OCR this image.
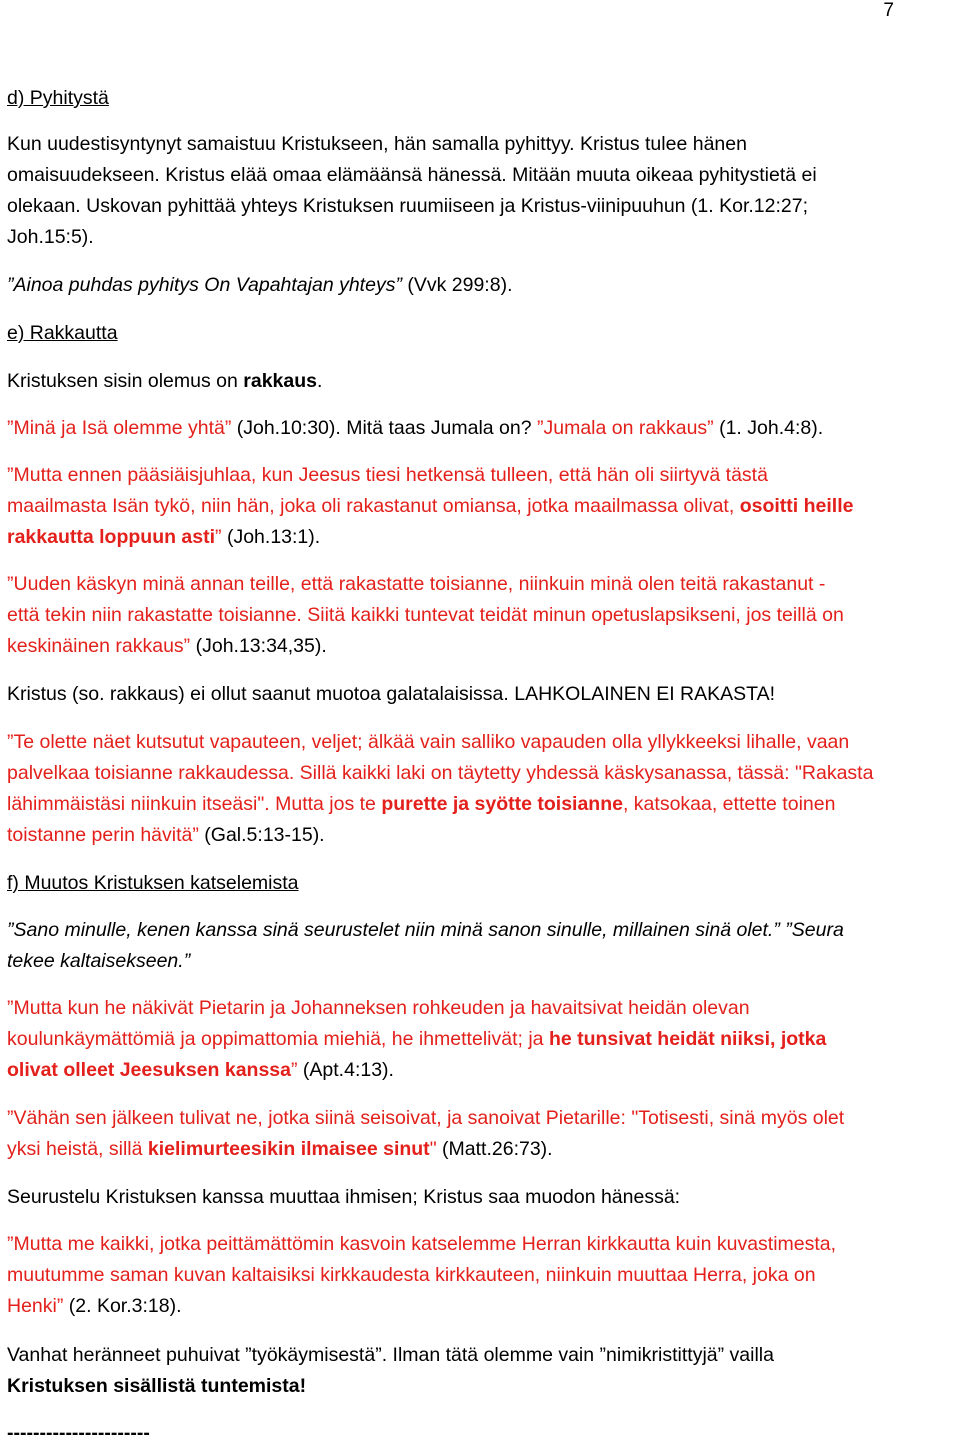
7

d) Pyhitystä

Kun uudestisyntynyt samaistuu Kristukseen, hän samalla pyhittyy. Kristus tulee hänen
omaisuudekseen. Kristus elää omaa elämäänsä hänessä. Mitään muuta oikeaa pyhitystietä ei
olekaan. Uskovan pyhittää yhteys Kristuksen ruumiiseen ja Kristus-viinipuuhun (1. Kor.12:27;
Joh.15:5).

”Ainoa puhdas pyhitys On Vapahtajan yhteys” (Vvk 299:8).

e) Rakkautta

Kristuksen sisin olemus on rakkaus.

”Minä ja Isä olemme yhtä” (Joh.10:30). Mitä taas Jumala on? ”Jumala on rakkaus” (1. Joh.4:8).

”Mutta ennen pääsiäisjuhlaa, kun Jeesus tiesi hetkensä tulleen, että hän oli siirtyvä tästä
maailmasta Isän tykö, niin hän, joka oli rakastanut omiansa, jotka maailmassa olivat, osoitti heille
rakkautta loppuun asti” (Joh.13:1).
”Uuden käskyn minä annan teille, että rakastatte toisianne, niinkuin minä olen teitä rakastanut -
että tekin niin rakastatte toisianne. Siitä kaikki tuntevat teidät minun opetuslapsikseni, jos teillä on
keskinäinen rakkaus” (Joh.13:34,35).

Kristus (so. rakkaus) ei ollut saanut muotoa galatalaisissa. LAHKOLAINEN EI RAKASTA!

”Te olette näet kutsutut vapauteen, veljet; älkää vain salliko vapauden olla yllykkeeksi lihalle, vaan
palvelkaa toisianne rakkaudessa. Sillä kaikki laki on täytetty yhdessä käskysanassa, tässä: "Rakasta
lähimmäistäsi niinkuin itseäsi". Mutta jos te purette ja syötte toisianne, katsokaa, ettette toinen
toistanne perin hävitä” (Gal.5:13-15).

f) Muutos Kristuksen katselemista

”Sano minulle, kenen kanssa sinä seurustelet niin minä sanon sinulle, millainen sinä olet.” ”Seura
tekee kaltaisekseen.”
”Mutta kun he näkivät Pietarin ja Johanneksen rohkeuden ja havaitsivat heidän olevan
koulunkäymättömiä ja oppimattomia miehiä, he ihmettelivät; ja he tunsivat heidät niiksi, jotka
olivat olleet Jeesuksen kanssa” (Apt.4:13).
”Vähän sen jälkeen tulivat ne, jotka siinä seisoivat, ja sanoivat Pietarille: "Totisesti, sinä myös olet
yksi heistä, sillä kielimurteesikin ilmaisee sinut" (Matt.26:73).

Seurustelu Kristuksen kanssa muuttaa ihmisen; Kristus saa muodon hänessä:

”Mutta me kaikki, jotka peittämättömin kasvoin katselemme Herran kirkkautta kuin kuvastimesta,
muutumme saman kuvan kaltaisiksi kirkkaudesta kirkkauteen, niinkuin muuttaa Herra, joka on
Henki” (2. Kor.3:18).
Vanhat heränneet puhuivat ”työkäymisestä”. Ilman tätä olemme vain ”nimikristittyjä” vailla
Kristuksen sisällistä tuntemista!

----------------------
